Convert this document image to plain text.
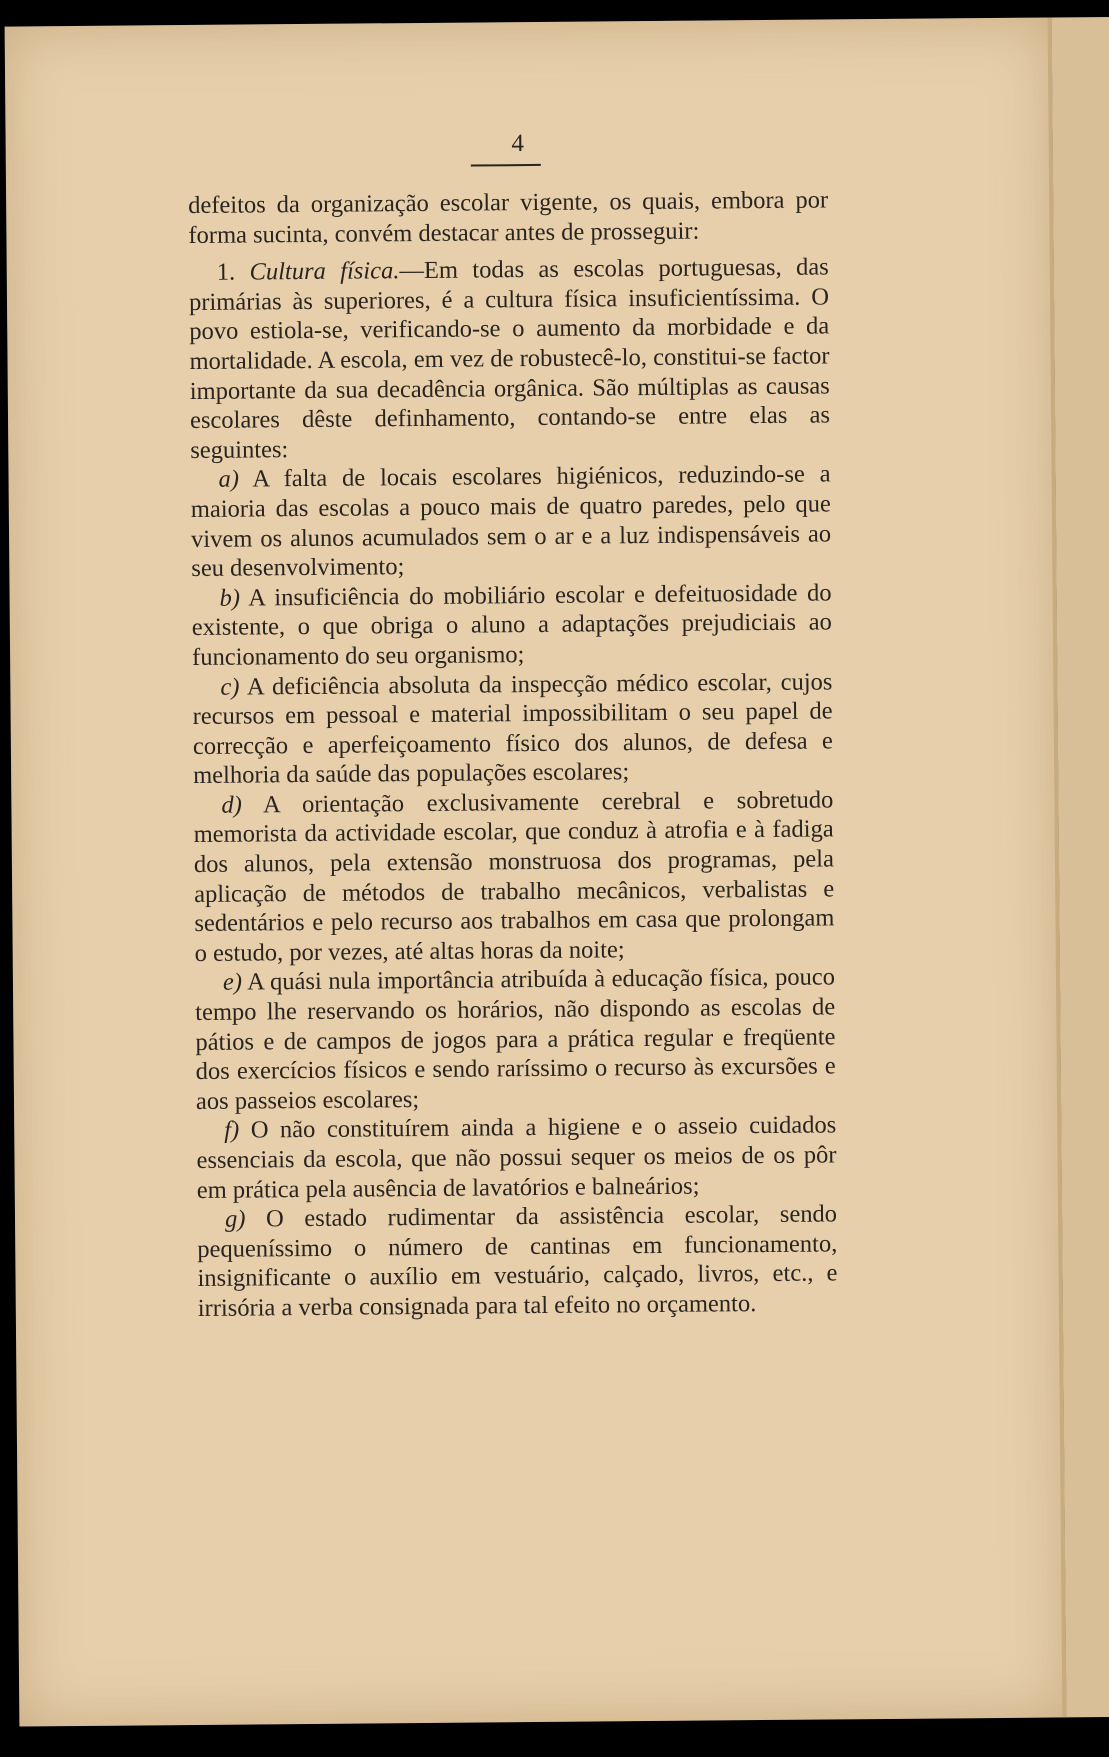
4

defeitos da organização escolar vigente, os quais, embora por forma sucinta, convém destacar antes de prosseguir:

1. Cultura física.—Em todas as escolas portuguesas, das primárias às superiores, é a cultura física insuficientíssima. O povo estiola-se, verificando-se o aumento da morbidade e da mortalidade. A escola, em vez de robustecê-lo, constitui-se factor importante da sua decadência orgânica. São múltiplas as causas escolares dêste definhamento, contando-se entre elas as seguintes:

a) A falta de locais escolares higiénicos, reduzindo-se a maioria das escolas a pouco mais de quatro paredes, pelo que vivem os alunos acumulados sem o ar e a luz indispensáveis ao seu desenvolvimento;

b) A insuficiência do mobiliário escolar e defeituosidade do existente, o que obriga o aluno a adaptações prejudiciais ao funcionamento do seu organismo;

c) A deficiência absoluta da inspecção médico escolar, cujos recursos em pessoal e material impossibilitam o seu papel de correcção e aperfeiçoamento físico dos alunos, de defesa e melhoria da saúde das populações escolares;

d) A orientação exclusivamente cerebral e sobretudo memorista da actividade escolar, que conduz à atrofia e à fadiga dos alunos, pela extensão monstruosa dos programas, pela aplicação de métodos de trabalho mecânicos, verbalistas e sedentários e pelo recurso aos trabalhos em casa que prolongam o estudo, por vezes, até altas horas da noite;

e) A quási nula importância atribuída à educação física, pouco tempo lhe reservando os horários, não dispondo as escolas de pátios e de campos de jogos para a prática regular e freqüente dos exercícios físicos e sendo raríssimo o recurso às excursões e aos passeios escolares;

f) O não constituírem ainda a higiene e o asseio cuidados essenciais da escola, que não possui sequer os meios de os pôr em prática pela ausência de lavatórios e balneários;

g) O estado rudimentar da assistência escolar, sendo pequeníssimo o número de cantinas em funcionamento, insignificante o auxílio em vestuário, calçado, livros, etc., e irrisória a verba consignada para tal efeito no orçamento.
